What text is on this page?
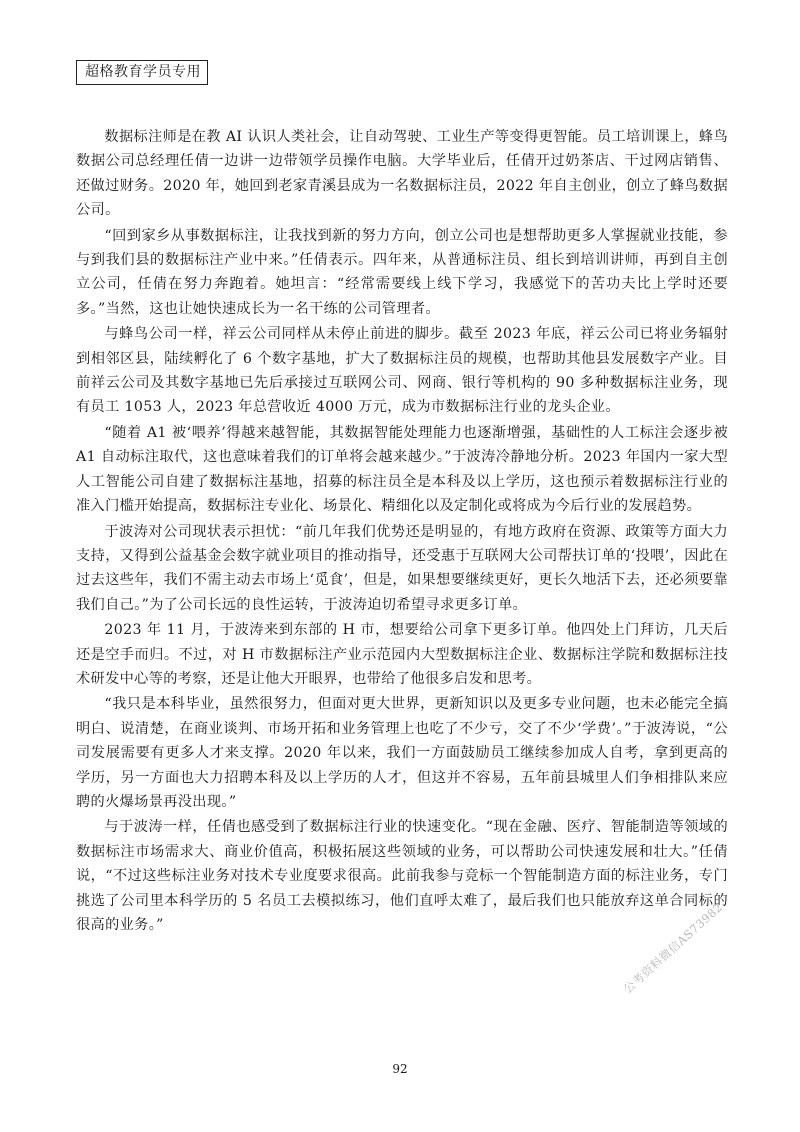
超格教育学员专用

数据标注师是在教 AI 认识人类社会，让自动驾驶、工业生产等变得更智能。员工培训课上，蜂鸟数据公司总经理任倩一边讲一边带领学员操作电脑。大学毕业后，任倩开过奶茶店、干过网店销售、还做过财务。2020 年，她回到老家青溪县成为一名数据标注员，2022 年自主创业，创立了蜂鸟数据公司。

“回到家乡从事数据标注，让我找到新的努力方向，创立公司也是想帮助更多人掌握就业技能，参与到我们县的数据标注产业中来。”任倩表示。四年来，从普通标注员、组长到培训讲师，再到自主创立公司，任倩在努力奔跑着。她坦言：“经常需要线上线下学习，我感觉下的苦功夫比上学时还要多。”当然，这也让她快速成长为一名干练的公司管理者。

与蜂鸟公司一样，祥云公司同样从未停止前进的脚步。截至 2023 年底，祥云公司已将业务辐射到相邻区县，陆续孵化了 6 个数字基地，扩大了数据标注员的规模，也帮助其他县发展数字产业。目前祥云公司及其数字基地已先后承接过互联网公司、网商、银行等机构的 90 多种数据标注业务，现有员工 1053 人，2023 年总营收近 4000 万元，成为市数据标注行业的龙头企业。

“随着 A1 被‘喂养’得越来越智能，其数据智能处理能力也逐渐增强，基础性的人工标注会逐步被 A1 自动标注取代，这也意味着我们的订单将会越来越少。”于波涛冷静地分析。2023 年国内一家大型人工智能公司自建了数据标注基地，招募的标注员全是本科及以上学历，这也预示着数据标注行业的准入门槛开始提高，数据标注专业化、场景化、精细化以及定制化或将成为今后行业的发展趋势。

于波涛对公司现状表示担忧：“前几年我们优势还是明显的，有地方政府在资源、政策等方面大力支持，又得到公益基金会数字就业项目的推动指导，还受惠于互联网大公司帮扶订单的‘投喂’，因此在过去这些年，我们不需主动去市场上‘觅食’，但是，如果想要继续更好，更长久地活下去，还必须要靠我们自己。”为了公司长远的良性运转，于波涛迫切希望寻求更多订单。

2023 年 11 月，于波涛来到东部的 H 市，想要给公司拿下更多订单。他四处上门拜访，几天后还是空手而归。不过，对 H 市数据标注产业示范园内大型数据标注企业、数据标注学院和数据标注技术研发中心等的考察，还是让他大开眼界，也带给了他很多启发和思考。

“我只是本科毕业，虽然很努力，但面对更大世界，更新知识以及更多专业问题，也未必能完全搞明白、说清楚，在商业谈判、市场开拓和业务管理上也吃了不少亏，交了不少‘学费’。”于波涛说，“公司发展需要有更多人才来支撑。2020 年以来，我们一方面鼓励员工继续参加成人自考，拿到更高的学历，另一方面也大力招聘本科及以上学历的人才，但这并不容易，五年前县城里人们争相排队来应聘的火爆场景再没出现。”

与于波涛一样，任倩也感受到了数据标注行业的快速变化。“现在金融、医疗、智能制造等领域的数据标注市场需求大、商业价值高，积极拓展这些领域的业务，可以帮助公司快速发展和壮大。”任倩说，“不过这些标注业务对技术专业度要求很高。此前我参与竞标一个智能制造方面的标注业务，专门挑选了公司里本科学历的 5 名员工去模拟练习，他们直呼太难了，最后我们也只能放弃这单合同标的很高的业务。”	公考资料微信AS73982
92
